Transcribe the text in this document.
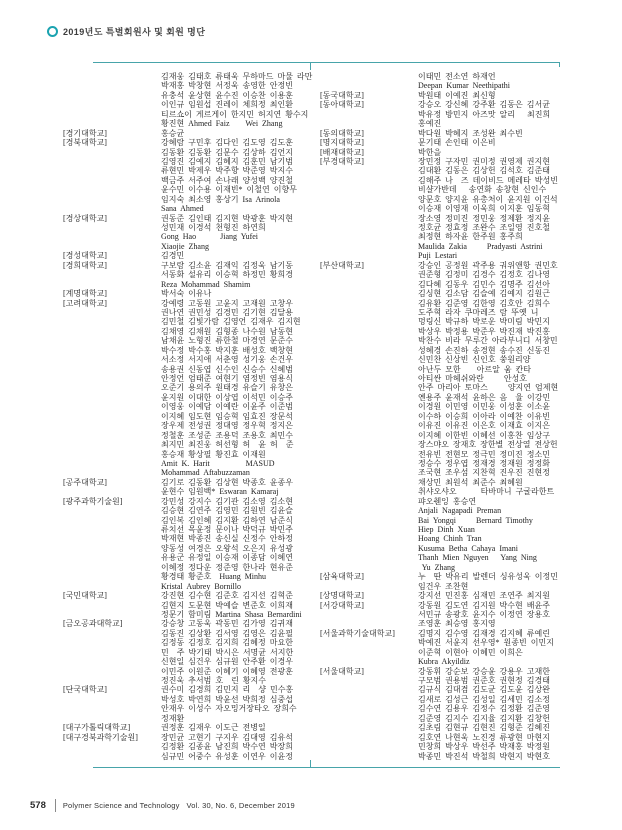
2019년도 특별회원사 및 회원 명단
김재웅 김태호 류태욱 무하마드 마물 라만
박재홍 박창현 서정욱 송영한 안정빈
유충석 윤상현 윤수진 이승찬 이용훈
이인규 임원섭 진레이 체희정 최인환
티르쇼이 게르게이 한지민 허지연 황수지
황진현 Ahmed Faiz    Wei Zhang
[경기대학교]	홍승균
[경북대학교]	강혜람 구민후 김다인 김도영 김도훈
김동환 김동환 김문수 김상하 김언지
김영진 김예지 김혜지 김훈민 남기범
류현민 박제우 박주향 박준영 박지수
백금주 서주여 손나래 양성백 양진철
윤수민 이수용 이재빈* 이철연 이향무
임지숙 최소영 홍상기 Isa Arinola
Sana Ahmed
[경상대학교]	권동준 김인태 김지현 박광훈 박지현
성민재 이경석 천형진 하연희
Gong Hao      Jiang Yufei
Xiaojie Zhang
[경성대학교]	김경민
[경희대학교]	구보람 김소윤 김재익 김정욱 남기동
서동화 설유리 이승혁 하정민 황희경
Reza Mohammad Shamim
[계명대학교]	박서숙 이유나
[고려대학교]	강예령 고동원 고윤지 고재원 고창우
권나연 권민성 김경민 김기현 김달용
김민철 김빛가람 김영언 김재우 김지현
김채영 김채원 김형종 나수원 남동현
남채윤 노형진 류한철 마경연 문준수
박수정 박수홍 박지훈 배성호 백창현
서소정 서지애 서춘영 성기웅 손건우
송용권 신동엽 신수인 신승수 신혜범
안정언 엄태준 여현기 염정빈 염용식
오준기 용의주 원태경 유슬기 유창은
윤지원 이대한 이상엽 이석민 이승주
이영웅 이예담 이예란 이윤주 이준범
이지혜 임도현 임승혁 임효진 장문석
장우제 전성권 정대영 정우혁 정지은
정철훈 조성준 조용덕 조용호 최민수
최지민 최진웅 허선형 허  윤 허  준
홍승재 황상필 황진효 이재원
Amit K. Harit         MASUD
Mohammad Aftabuzzaman
[공주대학교]	김기로 김동환 김상현 박종호 윤종우
윤현수 임원백* Eswaran Kamaraj
[광주과학기술원]	강민성 강지수 김기관 김소영 김소현
김승현 김연주 김영민 김원빈 김윤슬
김인복 김인혜 김지환 김하연 남준식
류치선 목윤정 문이나 박덕규 박민주
박재현 박종진 송신실 신정수 안하정
양동성 여경은 오왕석 오은지 유성광
유용군 유정일 이승재 이종담 이혜연
이혜정 정다운 정준영 한나라 현유준
황경태 황준호  Huang Minhu
Kristal Aubrey Bornillo
[국민대학교]	강진현 김수현 김준호 김지선 김혁준
김현지 도문현 박예슬 변준호 이희재
정문기 함미림 Martina Shasa Bernardini
[금오공과대학교]	강승창 고동욱 곽동민 김가영 김귀재
김동진 김상환 김서영 김영은 김윤필
김정동 김정호 김지희 김혜정 마요한
민  주 박기태 박시은 서명균 서지한
신현일 심건우 심규원 안주환 이경우
이민주 이원준 이혜기 이혜영 전광훈
정진욱 추서범 호  린 황지수
[단국대학교]	권수미 김경희 김민지 리  샹 민수홍
박성호 박연희 박윤선 박희정 심중섭
안재우 이성수 자오밍거장타오 장희수
정재환
[대구가톨릭대학교]	권정훈 김재우 이도근 전병일
[대구경북과학기술원]	장민균 고현기 구지우 김대영 김유석
김정환 김종윤 남진희 박수연 박장희
심규민 어중수 유성훈 이연우 이윤정
이태민 전소연 하재언
Deepan Kumar Neethipathi
[동국대학교]	박원태 이예진 최신형
[동아대학교]	강승오 강신혜 강주환 김동은 김서균
박유정 방민지 아즈맛 알리   최진희
홍예진
[동의대학교]	박다원 박혜지 조성완 최수빈
[명지대학교]	문기태 손인태 이은비
[배재대학교]	박한을
[부경대학교]	장민정 구자민 권미정 권영제 권지현
김대환 김동은 김상헌 김석호 김준태
김해주 나  즈 데이비드 메레타 박성빈
비샬가반데   송연화 송창현 신인수
양문호 양지윤 유총처이 윤지원 이건석
이승재 이영재 이욱희 이지훈 임동혁
장소영 정미진 정민웅 정제환 정지윤
정호균 정효정 조완수 조일영 진호철
최정현 하자윤 한주원 홍주희
Maulida Zakia     Pradyasti Astrini
Puji Lestari
[부산대학교]	강승인 공정원 곽주용 궈위앤항 권민호
권준형 김정미 김경수 김정호 김나영
김다혜 김동우 김민수 김명주 김선아
김싱현 김소담 김슬예 김예지 김원근
김유환 김준영 김한영 김호안 김희수
도주혁 라자 쿠마레즈 람 뚜옛 니
멍링신 박규하 박로운 박미림 박민지
박상우 박정용 박준우 박진재 박진홍
박찬수 비라 무루간 아라부니디 서창민
성혜경 손진하 송경현 송수진 신동진
신민찬 신상빈 신인호 쑹원리양
아난두 모한    아르알 움 칸타
아티싼 마헤쉬와란     안성호
안주 마리아 토마스     양지연 엄제현
옌용주 윤재석 윤하은 음  율 이강민
이경원 이민영 이민웅 이성훈 이소윤
이수하 이승희 이아라 이예찬 이유빈
이유진 이유진 이은호 이재효 이지은
이지혜 이한빈 이혜선 이홍찬 임상구
장스먀오 장재호 장한별 전상열 전상헌
전유빈 전현모 정극민 정미진 정소민
정승수 정우엽 정재경 정재원 정정화
조국현 조우섬 지찬혁 진우진 진현정
채상민 최원석 최준수 최혜원
취샤오샤오      타바마니 구굴라한트
퍄오췐잉 홍승연
Anjali Nagapadi Preman
Bai Yongqi     Bernard Timothy
Hiep Dinh Xuan
Hoang Chinh Tran
Kusuma Betha Cahaya Imani
Thanh Mien Nguyen   Yang Ning
Yu Zhang
[삼육대학교]	누  딴 박유리 발렌더 싱유성욱 이정민
임건우 조찬현
[상명대학교]	강지선 민진홍 심재민 조연주 최지원
[서강대학교]	강동원 김도연 김지원 박수현 배윤주
서민규 송광호 윤지수 이정연 장용호
조영훈 최승영 홍지영
[서울과학기술대학교]	김명지 김수영 김재경 김지혜 류예린
박예진 서윤지 선우영* 원종빈 이민지
이준혁 이현아 이혜민 이희은
Kubra Akyildiz
[서울대학교]	강동휘 강순보 강승윤 강용우 고재한
구모범 권용범 권준호 권현정 김경태
김규식 김대겸 김도균 김도윤 김상완
김새로 김성근 김성일 김세민 김소정
김수연 김용우 김정수 김정환 김준영
김준영 김지수 김지율 김지환 김창헌
김초림 김현규 김현진 김형준 김혜진
김호연 나현욱 노진경 류광현 마현지
민창희 박상우 박선주 박재홍 박정원
박종민 박진석 박철희 박현지 박현호
578 Polymer Science and Technology Vol. 30, No. 6, December 2019
